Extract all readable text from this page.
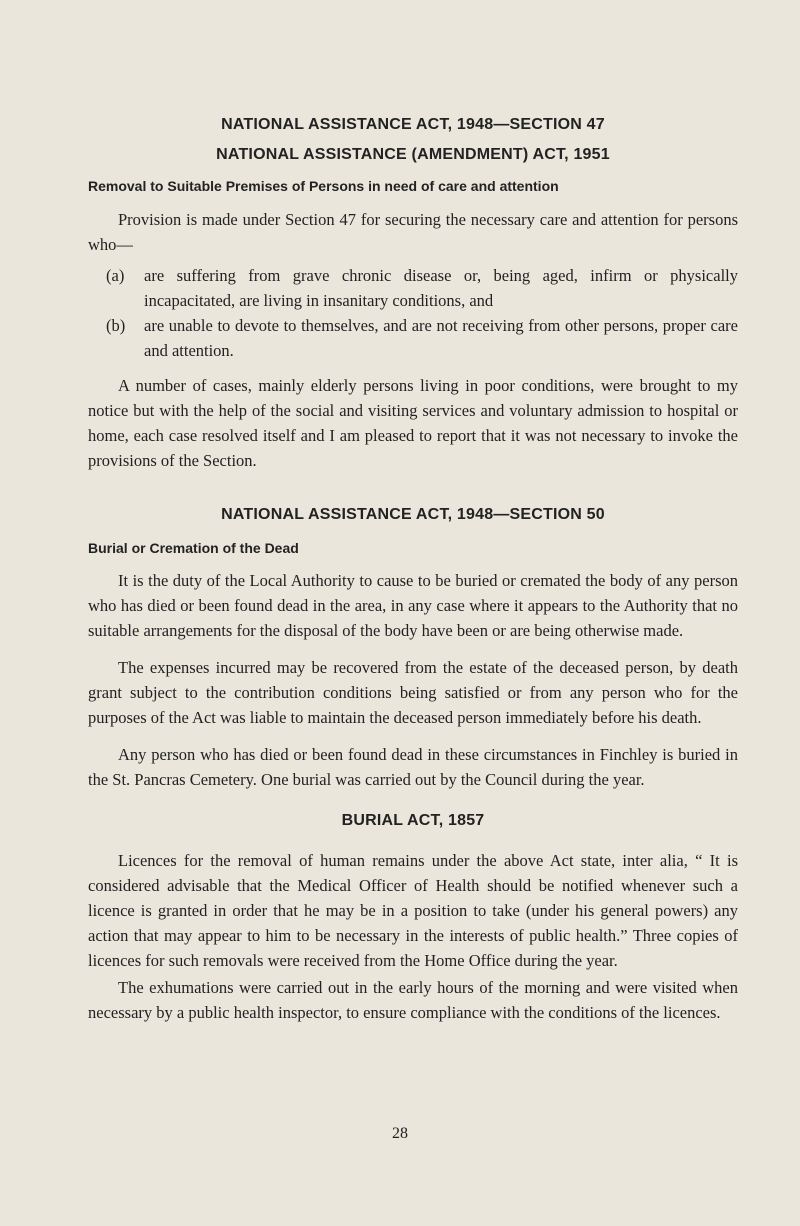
NATIONAL ASSISTANCE ACT, 1948—SECTION 47
NATIONAL ASSISTANCE (AMENDMENT) ACT, 1951
Removal to Suitable Premises of Persons in need of care and attention

Provision is made under Section 47 for securing the necessary care and attention for persons who—

(a)	are suffering from grave chronic disease or, being aged, infirm or physically incapacitated, are living in insanitary conditions, and
(b)	are unable to devote to themselves, and are not receiving from other persons, proper care and attention.

A number of cases, mainly elderly persons living in poor conditions, were brought to my notice but with the help of the social and visiting services and voluntary admission to hospital or home, each case resolved itself and I am pleased to report that it was not necessary to invoke the provisions of the Section.

NATIONAL ASSISTANCE ACT, 1948—SECTION 50
Burial or Cremation of the Dead

It is the duty of the Local Authority to cause to be buried or cremated the body of any person who has died or been found dead in the area, in any case where it appears to the Authority that no suitable arrangements for the disposal of the body have been or are being otherwise made.

The expenses incurred may be recovered from the estate of the deceased person, by death grant subject to the contribution conditions being satisfied or from any person who for the purposes of the Act was liable to maintain the deceased person immediately before his death.

Any person who has died or been found dead in these circumstances in Finchley is buried in the St. Pancras Cemetery. One burial was carried out by the Council during the year.

BURIAL ACT, 1857

Licences for the removal of human remains under the above Act state, inter alia, “ It is considered advisable that the Medical Officer of Health should be notified whenever such a licence is granted in order that he may be in a position to take (under his general powers) any action that may appear to him to be necessary in the interests of public health.” Three copies of licences for such removals were received from the Home Office during the year.

The exhumations were carried out in the early hours of the morning and were visited when necessary by a public health inspector, to ensure compliance with the conditions of the licences.

28
